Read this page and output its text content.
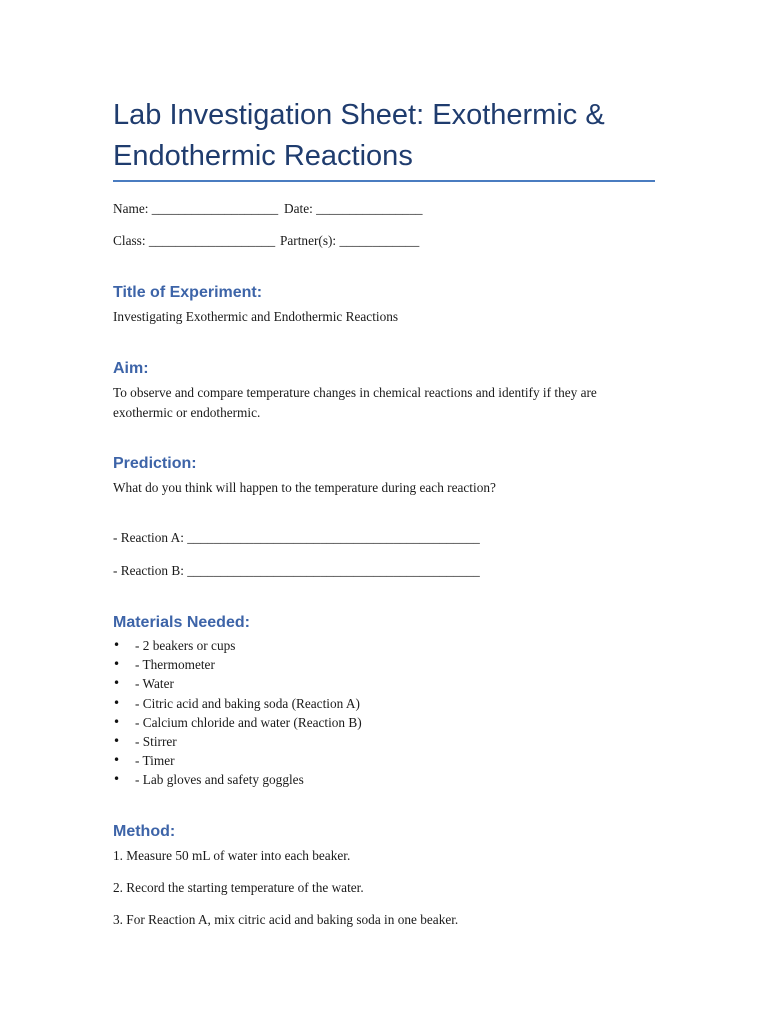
Lab Investigation Sheet: Exothermic & Endothermic Reactions
Name: ___________________ Date: ________________
Class: ___________________ Partner(s): ____________
Title of Experiment:

Investigating Exothermic and Endothermic Reactions

Aim:

To observe and compare temperature changes in chemical reactions and identify if they are exothermic or endothermic.

Prediction:

What do you think will happen to the temperature during each reaction?

- Reaction A: ____________________________________________
- Reaction B: ____________________________________________
Materials Needed:
• - 2 beakers or cups
• - Thermometer
• - Water
• - Citric acid and baking soda (Reaction A)
• - Calcium chloride and water (Reaction B)
• - Stirrer
• - Timer
• - Lab gloves and safety goggles
Method:

1. Measure 50 mL of water into each beaker.

2. Record the starting temperature of the water.

3. For Reaction A, mix citric acid and baking soda in one beaker.
